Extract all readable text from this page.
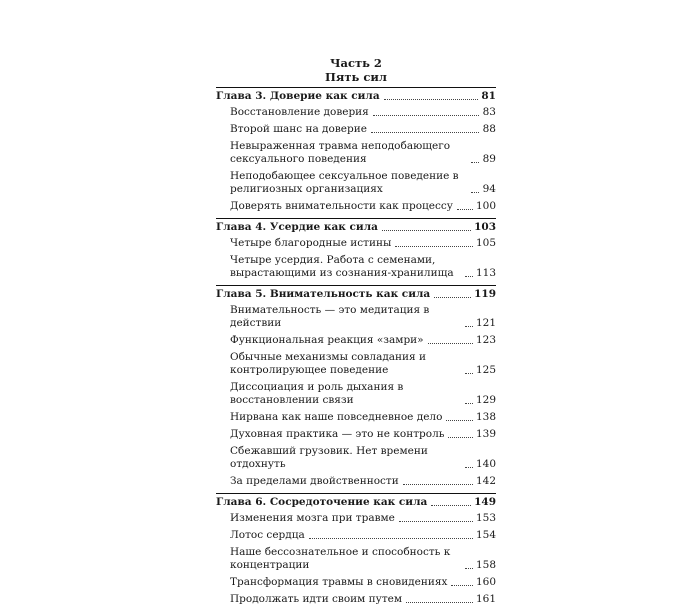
Часть 2
Пять сил
Глава 3. Доверие как сила	81
Восстановление доверия	83
Второй шанс на доверие	88
Невыраженная травма неподобающего сексуального поведения	89
Неподобающее сексуальное поведение в религиозных организациях	94
Доверять внимательности как процессу 100
Глава 4. Усердие как сила	103
Четыре благородные истины	105
Четыре усердия. Работа с семенами, вырастающими из сознания-хранилища	113
Глава 5. Внимательность как сила	119
Внимательность — это медитация в действии	121
Функциональная реакция «замри»	123
Обычные механизмы совладания и контролирующее поведение	125
Диссоциация и роль дыхания в восстановлении связи	129
Нирвана как наше повседневное дело	138
Духовная практика — это не контроль	139
Сбежавший грузовик. Нет времени отдохнуть	140
За пределами двойственности	142
Глава 6. Сосредоточение как сила	149
Изменения мозга при травме	153
Лотос сердца	154
Наше бессознательное и способность к концентрации	158
Трансформация травмы в сновидениях	160
Продолжать идти своим путем	161
